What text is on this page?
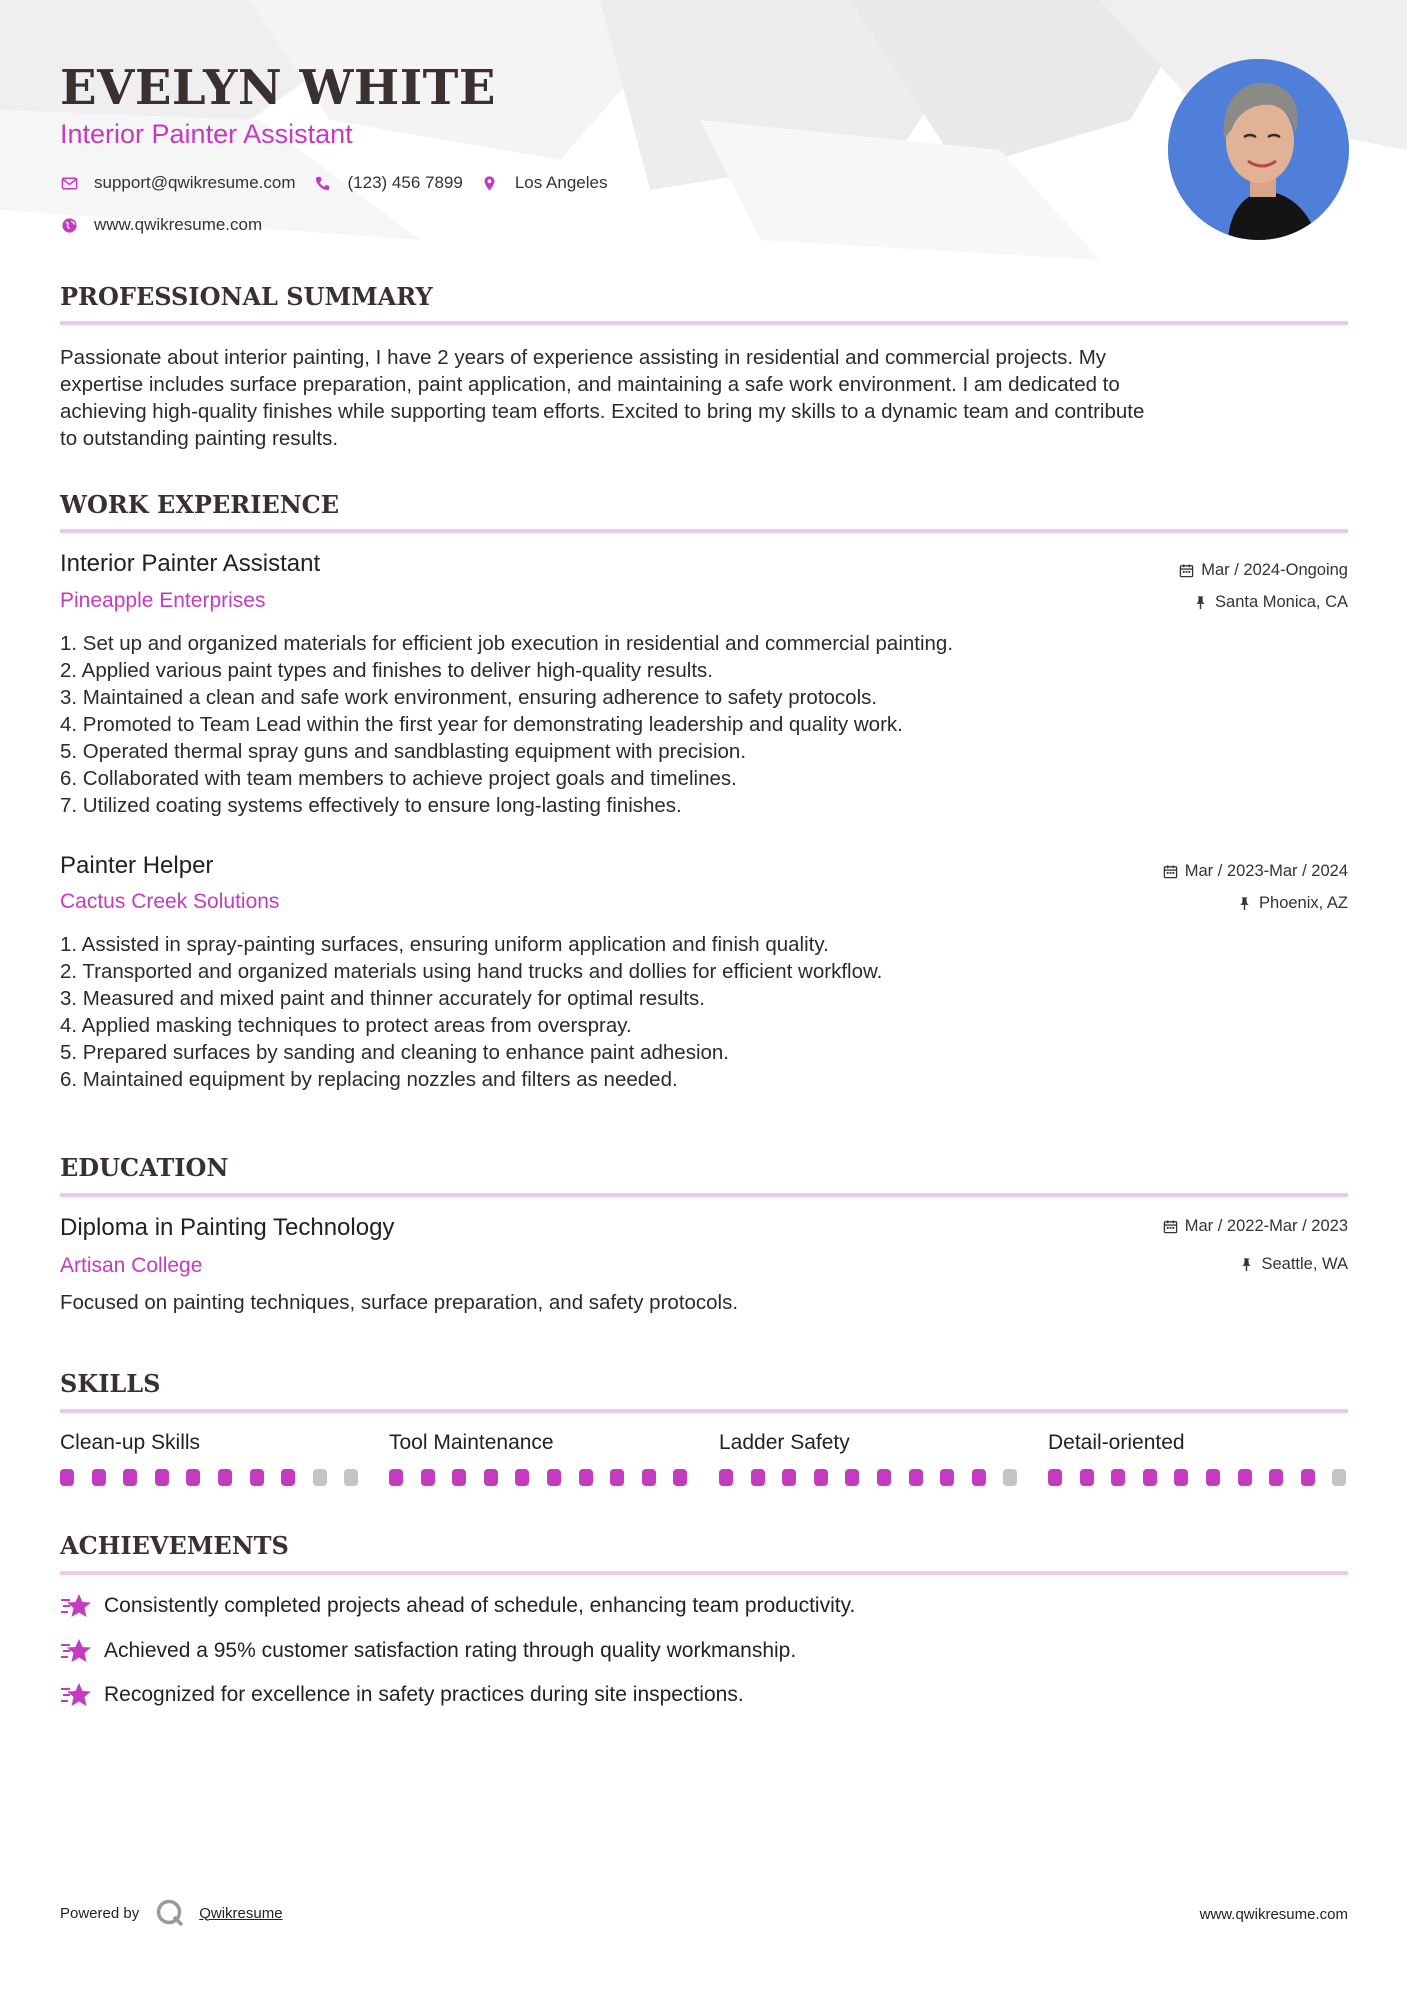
EVELYN WHITE
Interior Painter Assistant
support@qwikresume.com	(123) 456 7899	Los Angeles
www.qwikresume.com
PROFESSIONAL SUMMARY
Passionate about interior painting, I have 2 years of experience assisting in residential and commercial projects. My
expertise includes surface preparation, paint application, and maintaining a safe work environment. I am dedicated to
achieving high-quality finishes while supporting team efforts. Excited to bring my skills to a dynamic team and contribute
to outstanding painting results.
WORK EXPERIENCE
Interior Painter Assistant
Pineapple Enterprises
Mar / 2024-Ongoing
Santa Monica, CA
1. Set up and organized materials for efficient job execution in residential and commercial painting.
2. Applied various paint types and finishes to deliver high-quality results.
3. Maintained a clean and safe work environment, ensuring adherence to safety protocols.
4. Promoted to Team Lead within the first year for demonstrating leadership and quality work.
5. Operated thermal spray guns and sandblasting equipment with precision.
6. Collaborated with team members to achieve project goals and timelines.
7. Utilized coating systems effectively to ensure long-lasting finishes.
Painter Helper
Cactus Creek Solutions
Mar / 2023-Mar / 2024
Phoenix, AZ
1. Assisted in spray-painting surfaces, ensuring uniform application and finish quality.
2. Transported and organized materials using hand trucks and dollies for efficient workflow.
3. Measured and mixed paint and thinner accurately for optimal results.
4. Applied masking techniques to protect areas from overspray.
5. Prepared surfaces by sanding and cleaning to enhance paint adhesion.
6. Maintained equipment by replacing nozzles and filters as needed.
EDUCATION
Diploma in Painting Technology
Artisan College
Mar / 2022-Mar / 2023
Seattle, WA
Focused on painting techniques, surface preparation, and safety protocols.
SKILLS
Clean-up Skills	Tool Maintenance	Ladder Safety	Detail-oriented
ACHIEVEMENTS
Consistently completed projects ahead of schedule, enhancing team productivity.
Achieved a 95% customer satisfaction rating through quality workmanship.
Recognized for excellence in safety practices during site inspections.
Powered by	Qwikresume	www.qwikresume.com
